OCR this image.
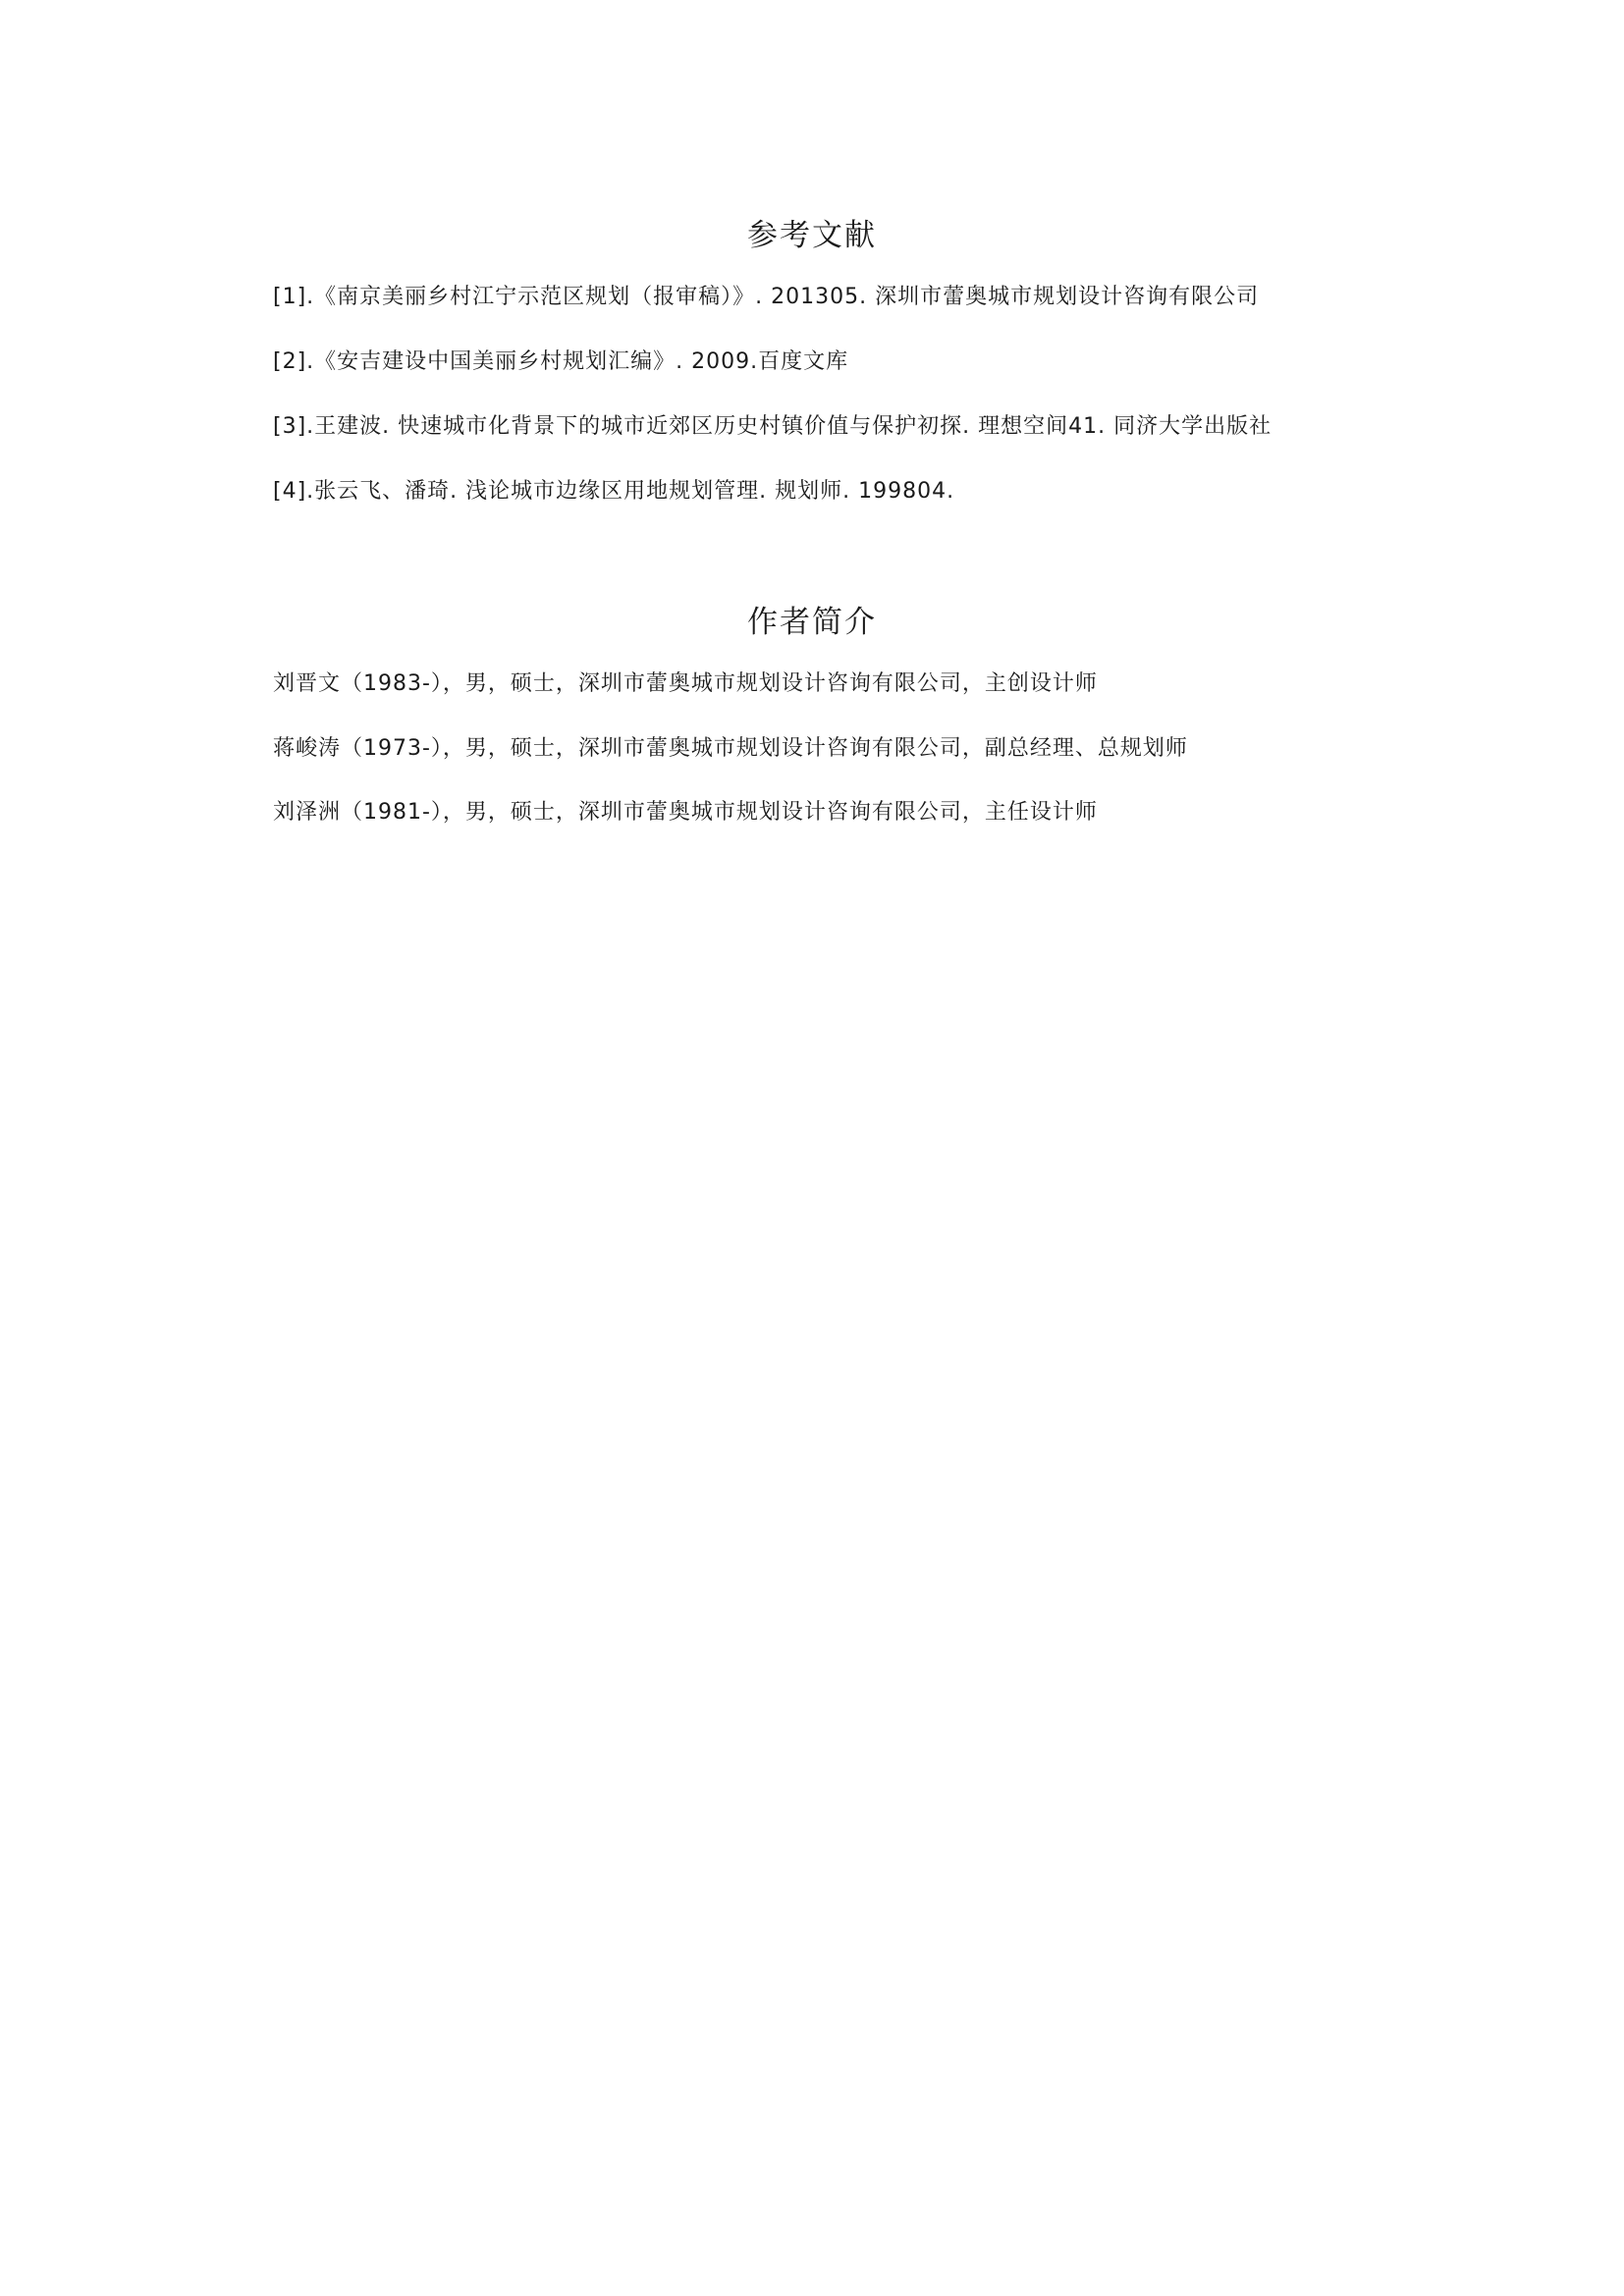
参考文献
[1].《南京美丽乡村江宁示范区规划（报审稿）》. 201305. 深圳市蕾奥城市规划设计咨询有限公司
[2].《安吉建设中国美丽乡村规划汇编》. 2009.百度文库
[3].王建波. 快速城市化背景下的城市近郊区历史村镇价值与保护初探. 理想空间41. 同济大学出版社
[4].张云飞、潘琦. 浅论城市边缘区用地规划管理. 规划师. 199804.
作者简介
刘晋文（1983-），男，硕士，深圳市蕾奥城市规划设计咨询有限公司，主创设计师
蒋峻涛（1973-），男，硕士，深圳市蕾奥城市规划设计咨询有限公司，副总经理、总规划师
刘泽洲（1981-），男，硕士，深圳市蕾奥城市规划设计咨询有限公司，主任设计师
